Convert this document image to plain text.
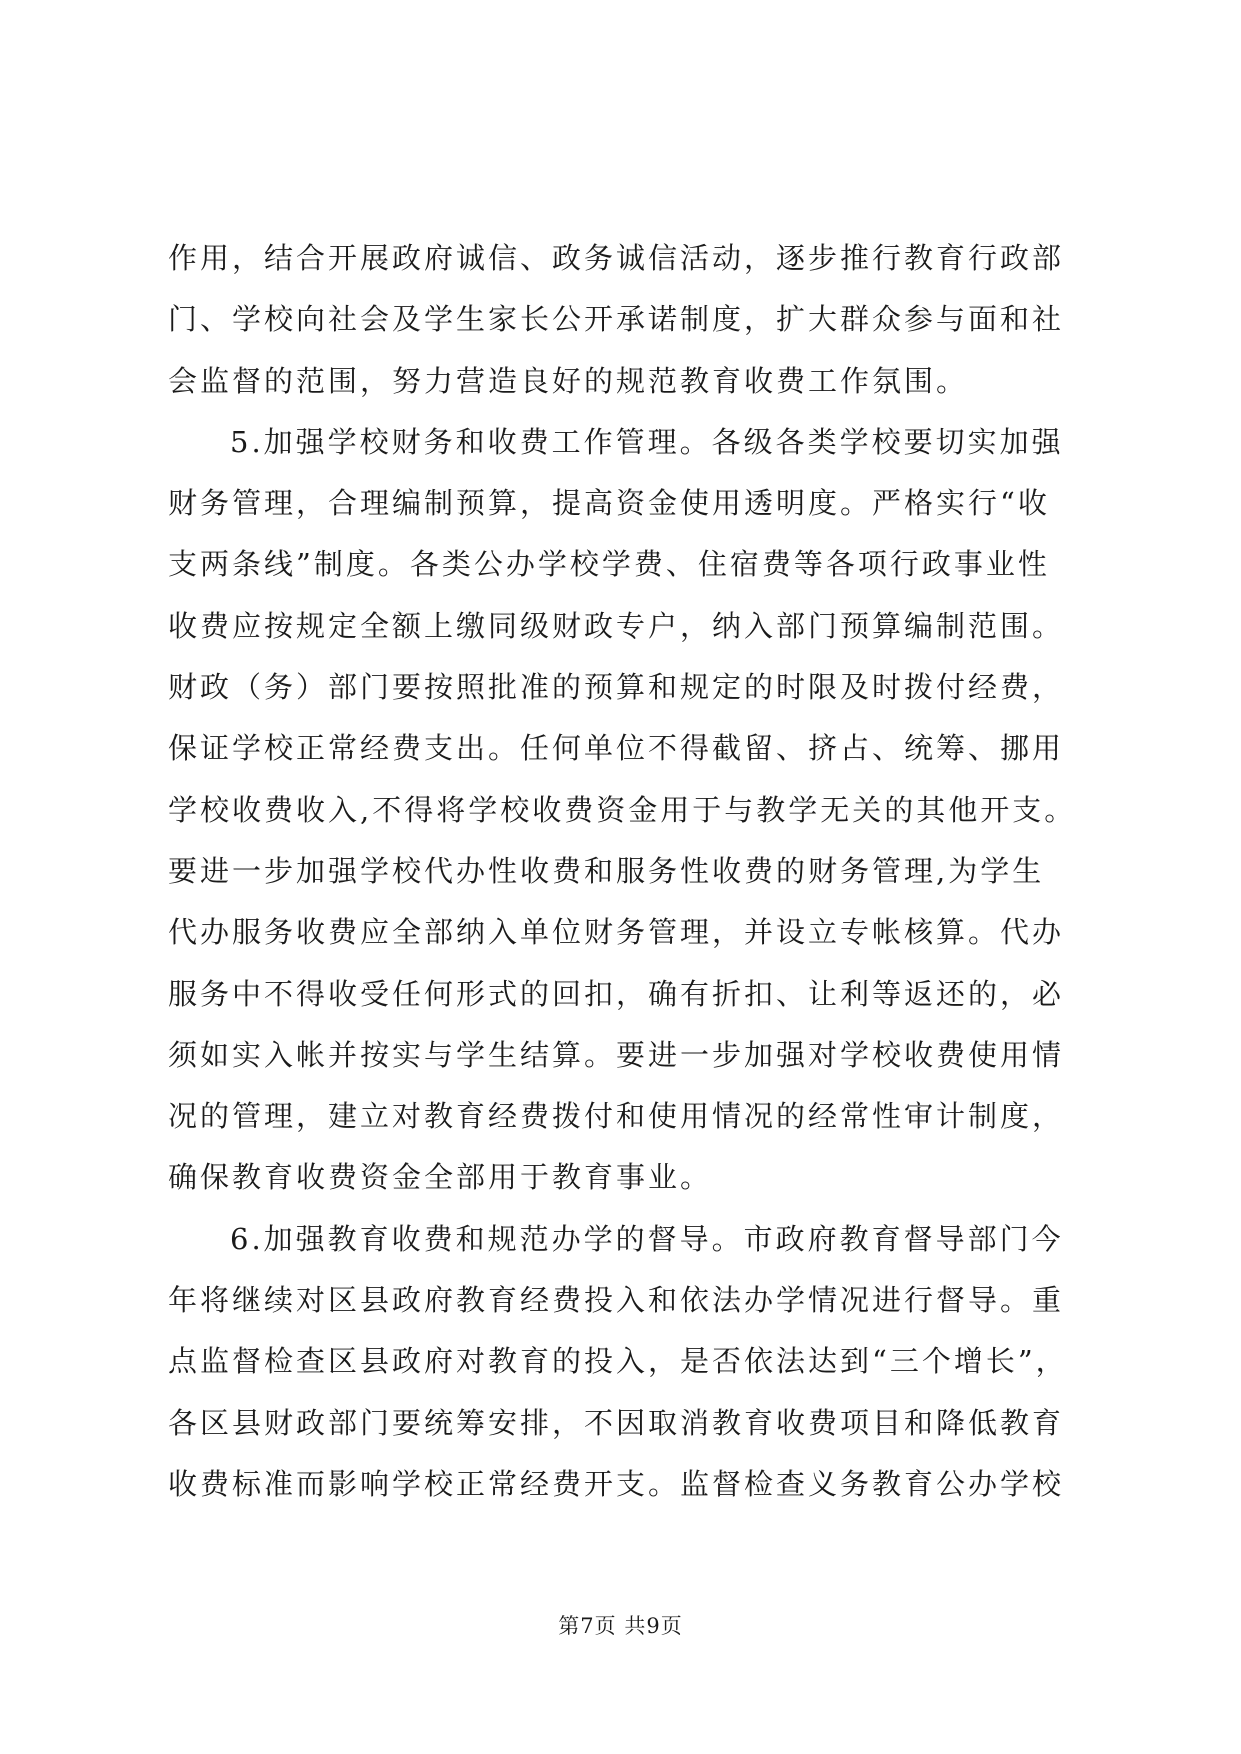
作用，结合开展政府诚信、政务诚信活动，逐步推行教育行政部
门、学校向社会及学生家长公开承诺制度，扩大群众参与面和社
会监督的范围，努力营造良好的规范教育收费工作氛围。
5.加强学校财务和收费工作管理。各级各类学校要切实加强
财务管理，合理编制预算，提高资金使用透明度。严格实行“收
支两条线”制度。各类公办学校学费、住宿费等各项行政事业性
收费应按规定全额上缴同级财政专户，纳入部门预算编制范围。
财政（务）部门要按照批准的预算和规定的时限及时拨付经费，
保证学校正常经费支出。任何单位不得截留、挤占、统筹、挪用
学校收费收入,不得将学校收费资金用于与教学无关的其他开支。
要进一步加强学校代办性收费和服务性收费的财务管理,为学生
代办服务收费应全部纳入单位财务管理，并设立专帐核算。代办
服务中不得收受任何形式的回扣，确有折扣、让利等返还的，必
须如实入帐并按实与学生结算。要进一步加强对学校收费使用情
况的管理，建立对教育经费拨付和使用情况的经常性审计制度，
确保教育收费资金全部用于教育事业。
6.加强教育收费和规范办学的督导。市政府教育督导部门今
年将继续对区县政府教育经费投入和依法办学情况进行督导。重
点监督检查区县政府对教育的投入，是否依法达到“三个增长”，
各区县财政部门要统筹安排，不因取消教育收费项目和降低教育
收费标准而影响学校正常经费开支。监督检查义务教育公办学校
第7页 共9页
